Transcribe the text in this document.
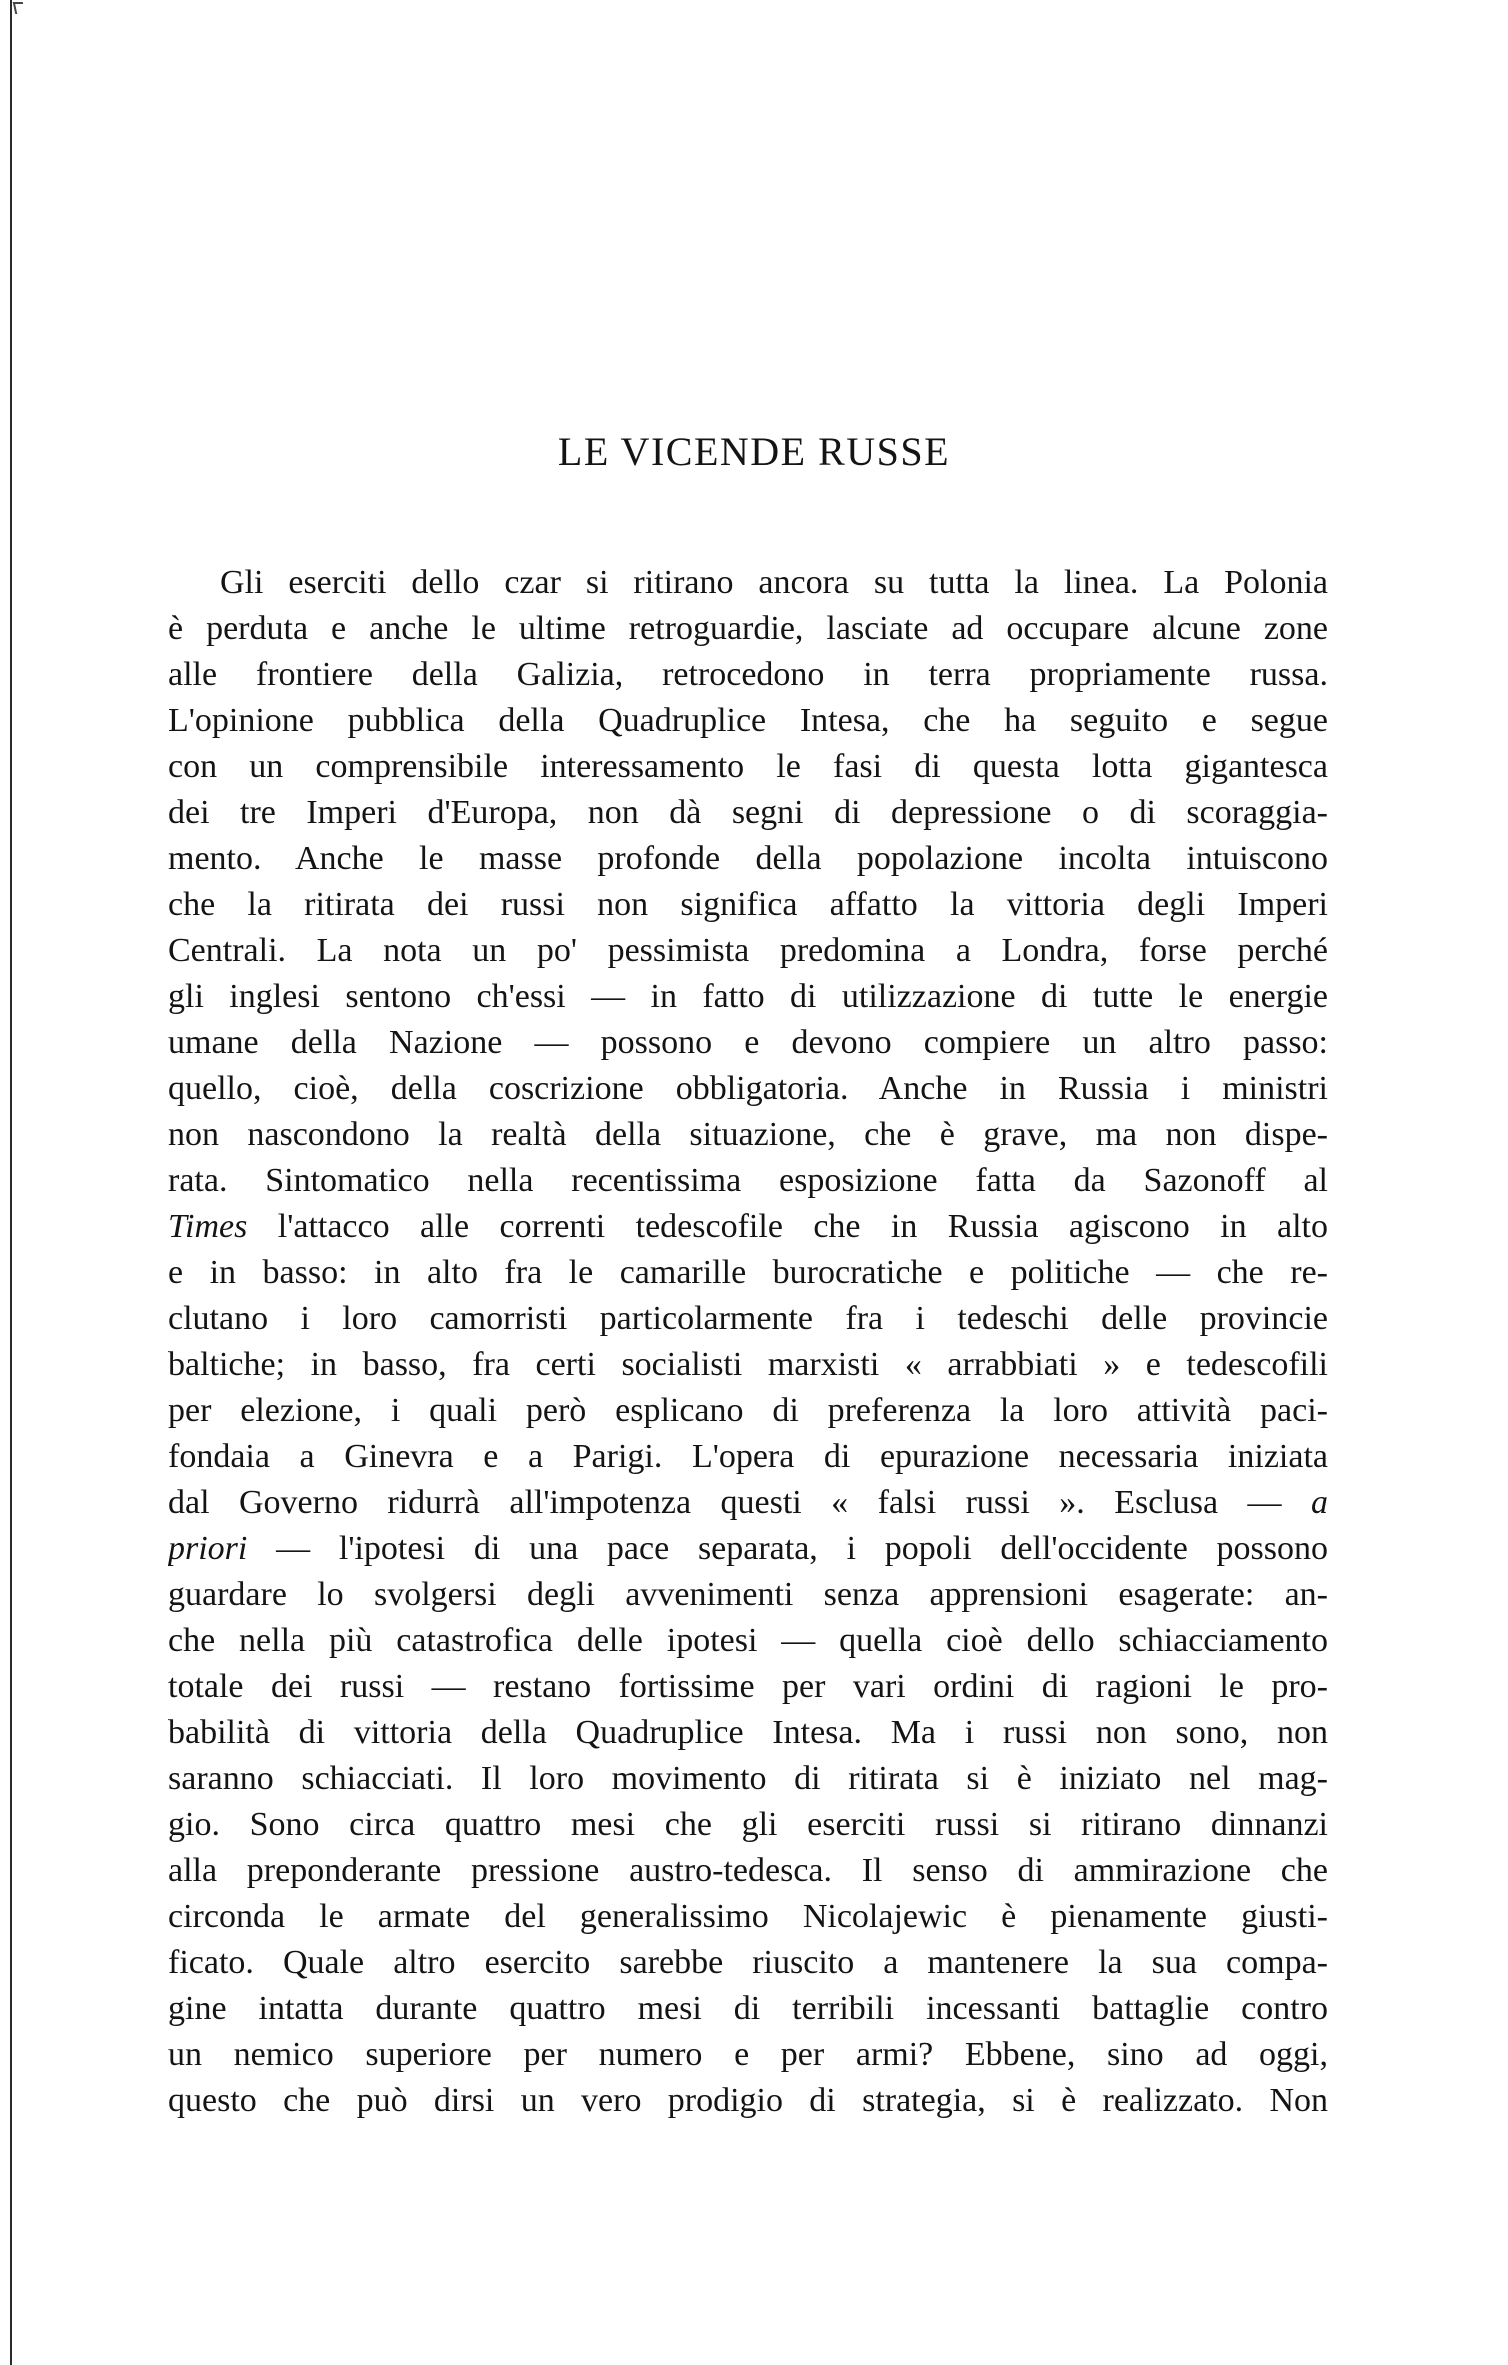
LE VICENDE RUSSE
Gli eserciti dello czar si ritirano ancora su tutta la linea. La Polonia
è perduta e anche le ultime retroguardie, lasciate ad occupare alcune zone
alle frontiere della Galizia, retrocedono in terra propriamente russa.
L'opinione pubblica della Quadruplice Intesa, che ha seguito e segue
con un comprensibile interessamento le fasi di questa lotta gigantesca
dei tre Imperi d'Europa, non dà segni di depressione o di scoraggia-
mento. Anche le masse profonde della popolazione incolta intuiscono
che la ritirata dei russi non significa affatto la vittoria degli Imperi
Centrali. La nota un po' pessimista predomina a Londra, forse perché
gli inglesi sentono ch'essi — in fatto di utilizzazione di tutte le energie
umane della Nazione — possono e devono compiere un altro passo:
quello, cioè, della coscrizione obbligatoria. Anche in Russia i ministri
non nascondono la realtà della situazione, che è grave, ma non dispe-
rata. Sintomatico nella recentissima esposizione fatta da Sazonoff al
Times l'attacco alle correnti tedescofile che in Russia agiscono in alto
e in basso: in alto fra le camarille burocratiche e politiche — che re-
clutano i loro camorristi particolarmente fra i tedeschi delle provincie
baltiche; in basso, fra certi socialisti marxisti « arrabbiati » e tedescofili
per elezione, i quali però esplicano di preferenza la loro attività paci-
fondaia a Ginevra e a Parigi. L'opera di epurazione necessaria iniziata
dal Governo ridurrà all'impotenza questi « falsi russi ». Esclusa — a
priori — l'ipotesi di una pace separata, i popoli dell'occidente possono
guardare lo svolgersi degli avvenimenti senza apprensioni esagerate: an-
che nella più catastrofica delle ipotesi — quella cioè dello schiacciamento
totale dei russi — restano fortissime per vari ordini di ragioni le pro-
babilità di vittoria della Quadruplice Intesa. Ma i russi non sono, non
saranno schiacciati. Il loro movimento di ritirata si è iniziato nel mag-
gio. Sono circa quattro mesi che gli eserciti russi si ritirano dinnanzi
alla preponderante pressione austro-tedesca. Il senso di ammirazione che
circonda le armate del generalissimo Nicolajewic è pienamente giusti-
ficato. Quale altro esercito sarebbe riuscito a mantenere la sua compa-
gine intatta durante quattro mesi di terribili incessanti battaglie contro
un nemico superiore per numero e per armi? Ebbene, sino ad oggi,
questo che può dirsi un vero prodigio di strategia, si è realizzato. Non
